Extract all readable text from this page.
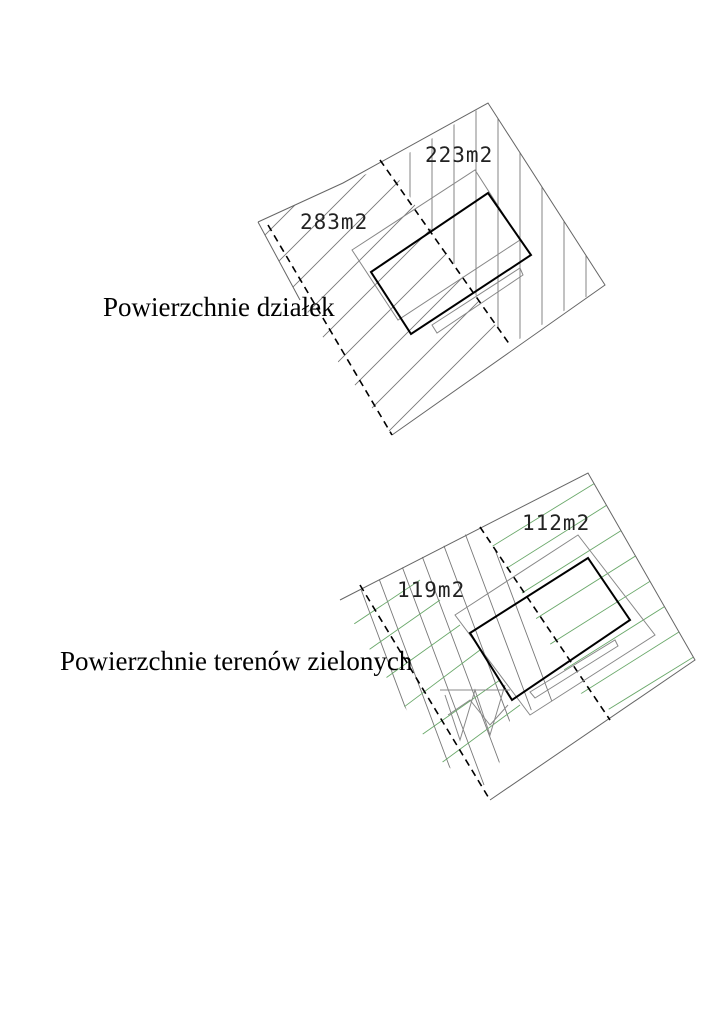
283m2
223m2
119m2
112m2
Powierzchnie działek
Powierzchnie terenów zielonych
